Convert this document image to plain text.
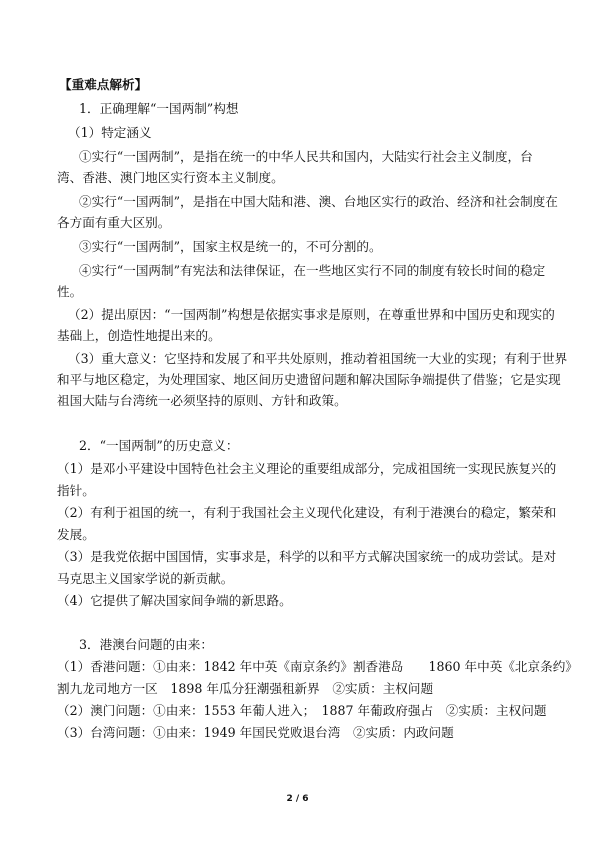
【重难点解析】
1．正确理解“一国两制”构想
（1）特定涵义
①实行“一国两制”，是指在统一的中华人民共和国内，大陆实行社会主义制度，台
湾、香港、澳门地区实行资本主义制度。
②实行“一国两制”，是指在中国大陆和港、澳、台地区实行的政治、经济和社会制度在
各方面有重大区别。
③实行“一国两制”，国家主权是统一的，不可分割的。
④实行“一国两制”有宪法和法律保证，在一些地区实行不同的制度有较长时间的稳定
性。
（2）提出原因：“一国两制”构想是依据实事求是原则，在尊重世界和中国历史和现实的
基础上，创造性地提出来的。
（3）重大意义：它坚持和发展了和平共处原则，推动着祖国统一大业的实现；有利于世界
和平与地区稳定，为处理国家、地区间历史遗留问题和解决国际争端提供了借鉴；它是实现
祖国大陆与台湾统一必须坚持的原则、方针和政策。
2．“一国两制”的历史意义：
（1）是邓小平建设中国特色社会主义理论的重要组成部分，完成祖国统一实现民族复兴的
指针。
（2）有利于祖国的统一，有利于我国社会主义现代化建设，有利于港澳台的稳定，繁荣和
发展。
（3）是我党依据中国国情，实事求是，科学的以和平方式解决国家统一的成功尝试。是对
马克思主义国家学说的新贡献。
（4）它提供了解决国家间争端的新思路。
3．港澳台问题的由来：
（1）香港问题：①由来：1842 年中英《南京条约》割香港岛　　1860 年中英《北京条约》
割九龙司地方一区　1898 年瓜分狂潮强租新界　②实质：主权问题
（2）澳门问题：①由来：1553 年葡人进入；　1887 年葡政府强占　②实质：主权问题
（3）台湾问题：①由来：1949 年国民党败退台湾　②实质：内政问题
2 / 6
